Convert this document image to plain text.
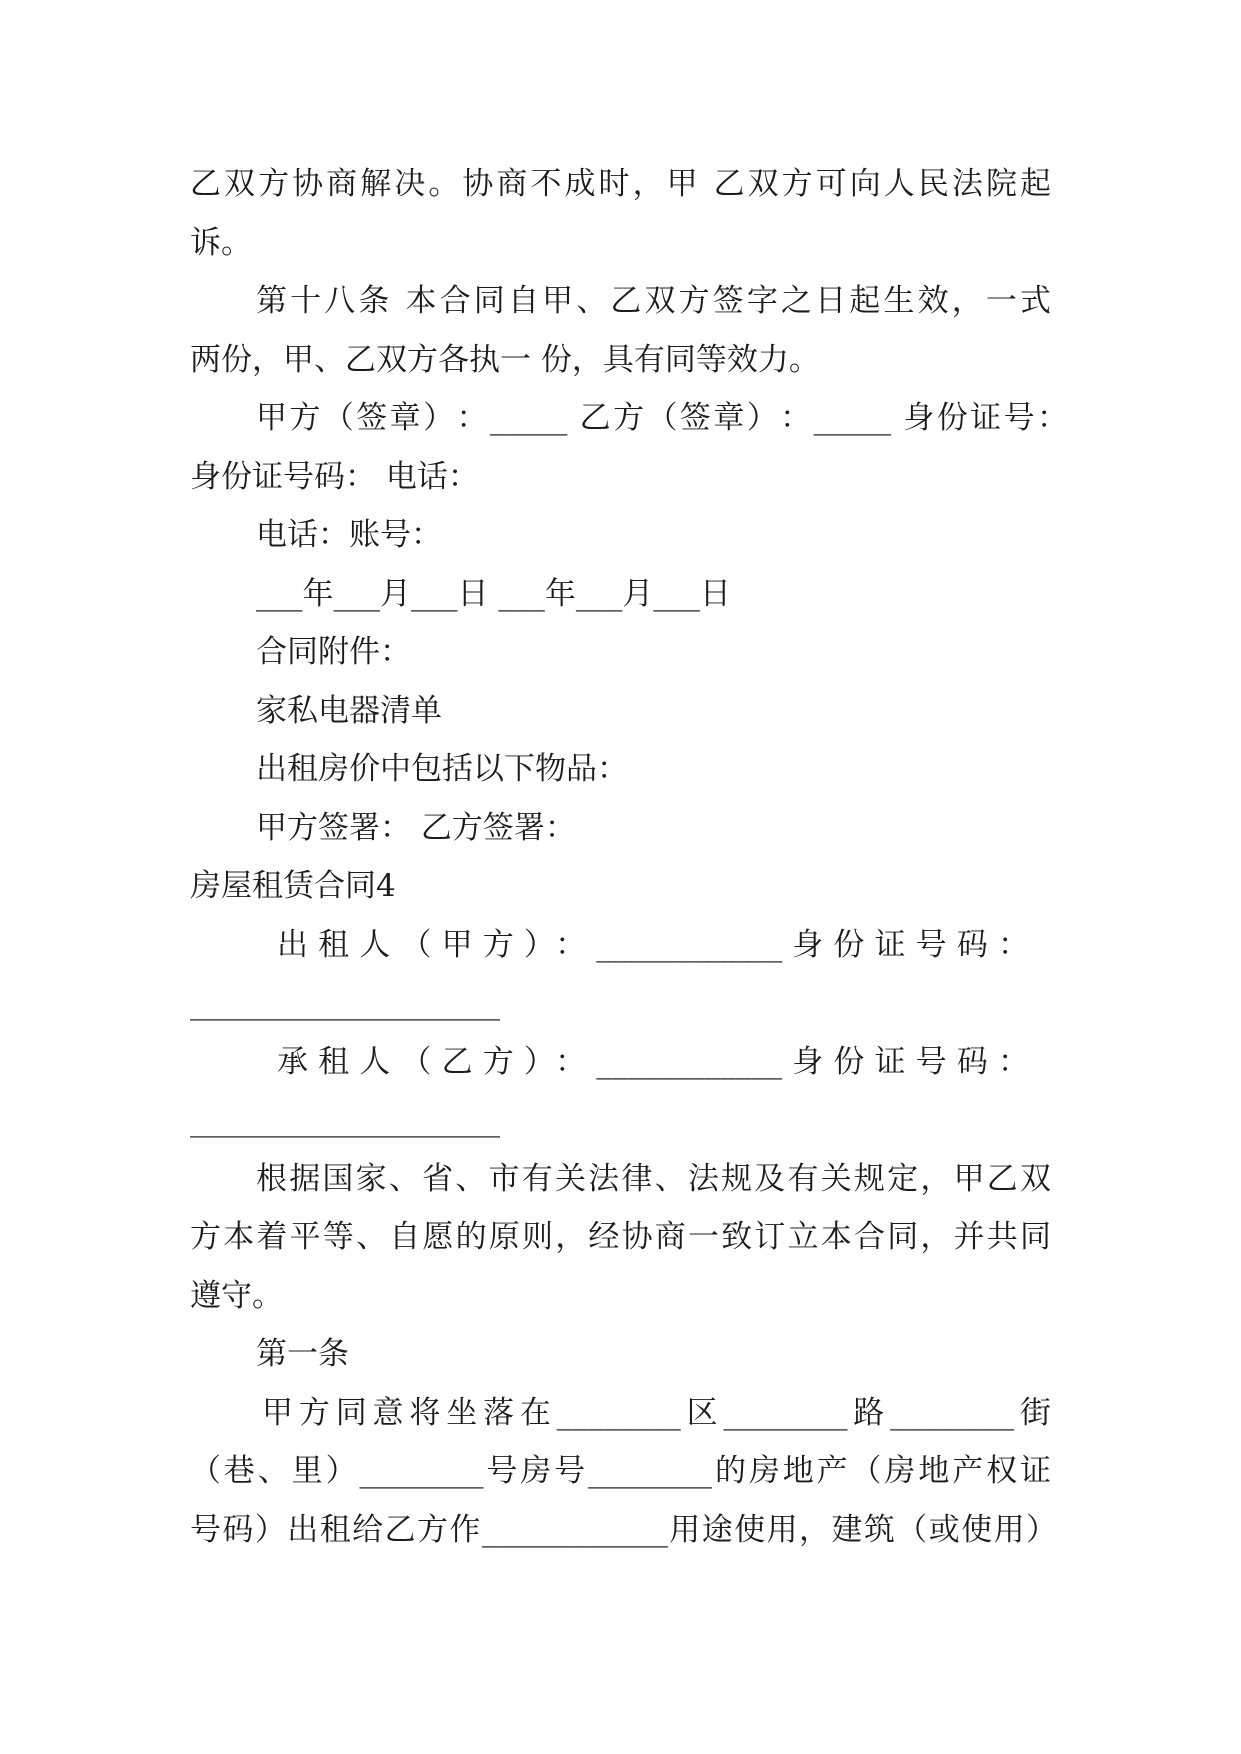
乙双方协商解决。协商不成时，甲 乙双方可向人民法院起
诉。
第十八条 本合同自甲、乙双方签字之日起生效，一式
两份，甲、乙双方各执一 份，具有同等效力。
甲方（签章）：_____ 乙方（签章）：_____ 身份证号：
身份证号码： 电话：
电话：账号：
___年___月___日 ___年___月___日
合同附件：
家私电器清单
出租房价中包括以下物品：
甲方签署： 乙方签署：
房屋租赁合同4
出 租 人 （ 甲 方 ）： ____________ 身 份 证 号 码 ：
____________________
承 租 人 （ 乙 方 ）： ____________ 身 份 证 号 码 ：
____________________
根据国家、省、市有关法律、法规及有关规定，甲乙双
方本着平等、自愿的原则，经协商一致订立本合同，并共同
遵守。
第一条
甲方同意将坐落在________区________路________街
（巷、里）________号房号________的房地产（房地产权证
号码）出租给乙方作____________用途使用，建筑（或使用）
